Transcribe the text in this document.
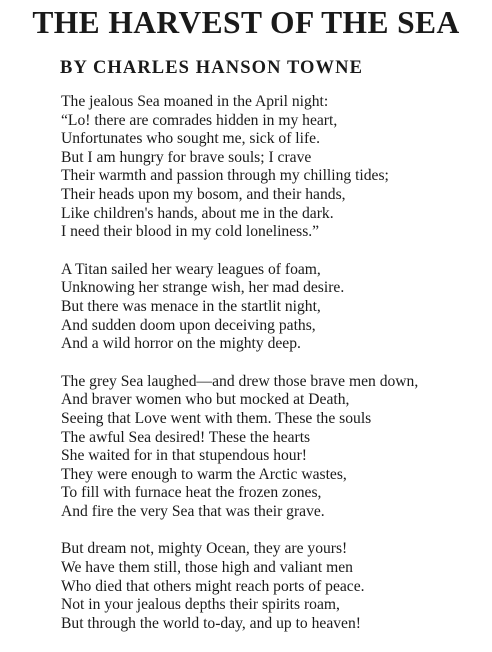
THE HARVEST OF THE SEA
BY CHARLES HANSON TOWNE
The jealous Sea moaned in the April night:
“Lo! there are comrades hidden in my heart,
Unfortunates who sought me, sick of life.
But I am hungry for brave souls; I crave
Their warmth and passion through my chilling tides;
Their heads upon my bosom, and their hands,
Like children's hands, about me in the dark.
I need their blood in my cold loneliness.”
A Titan sailed her weary leagues of foam,
Unknowing her strange wish, her mad desire.
But there was menace in the startlit night,
And sudden doom upon deceiving paths,
And a wild horror on the mighty deep.
The grey Sea laughed—and drew those brave men down,
And braver women who but mocked at Death,
Seeing that Love went with them. These the souls
The awful Sea desired! These the hearts
She waited for in that stupendous hour!
They were enough to warm the Arctic wastes,
To fill with furnace heat the frozen zones,
And fire the very Sea that was their grave.
But dream not, mighty Ocean, they are yours!
We have them still, those high and valiant men
Who died that others might reach ports of peace.
Not in your jealous depths their spirits roam,
But through the world to-day, and up to heaven!
